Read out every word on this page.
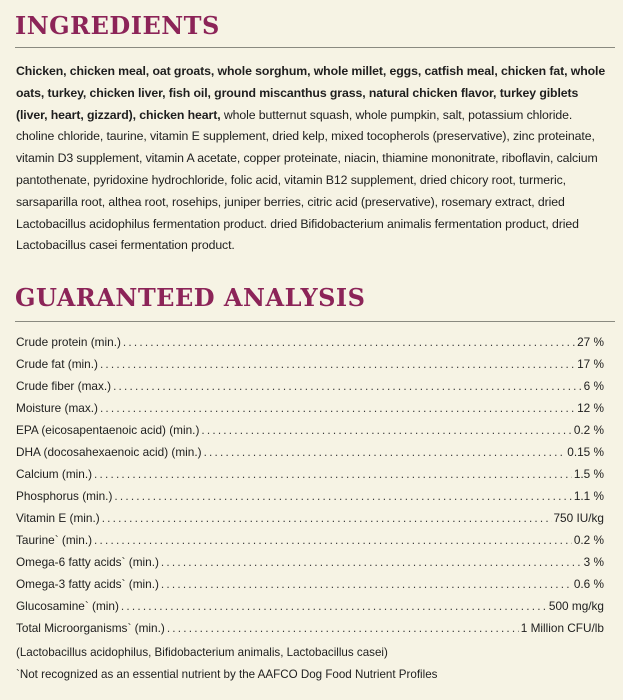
INGREDIENTS

Chicken, chicken meal, oat groats, whole sorghum, whole millet, eggs, catfish meal, chicken fat, whole oats, turkey, chicken liver, fish oil, ground miscanthus grass, natural chicken flavor, turkey giblets (liver, heart, gizzard), chicken heart, whole butternut squash, whole pumpkin, salt, potassium chloride. choline chloride, taurine, vitamin E supplement, dried kelp, mixed tocopherols (preservative), zinc proteinate, vitamin D3 supplement, vitamin A acetate, copper proteinate, niacin, thiamine mononitrate, riboflavin, calcium pantothenate, pyridoxine hydrochloride, folic acid, vitamin B12 supplement, dried chicory root, turmeric, sarsaparilla root, althea root, rosehips, juniper berries, citric acid (preservative), rosemary extract, dried Lactobacillus acidophilus fermentation product. dried Bifidobacterium animalis fermentation product, dried Lactobacillus casei fermentation product.

GUARANTEED ANALYSIS
Crude protein (min.) .....	27 %
Crude fat (min.) .....	17 %
Crude fiber (max.) .....	6 %
Moisture (max.) .....	12 %
EPA (eicosapentaenoic acid) (min.) .....	0.2 %
DHA (docosahexaenoic acid) (min.) .....	0.15 %
Calcium (min.) .....	1.5 %
Phosphorus (min.) .....	1.1 %
Vitamin E (min.) .....	750 IU/kg
Taurine` (min.) .....	0.2 %
Omega-6 fatty acids` (min.) .....	3 %
Omega-3 fatty acids` (min.) .....	0.6 %
Glucosamine` (min) .....	500 mg/kg
Total Microorganisms` (min.) .....	1 Million CFU/lb

(Lactobacillus acidophilus, Bifidobacterium animalis, Lactobacillus casei)

`Not recognized as an essential nutrient by the AAFCO Dog Food Nutrient Profiles
